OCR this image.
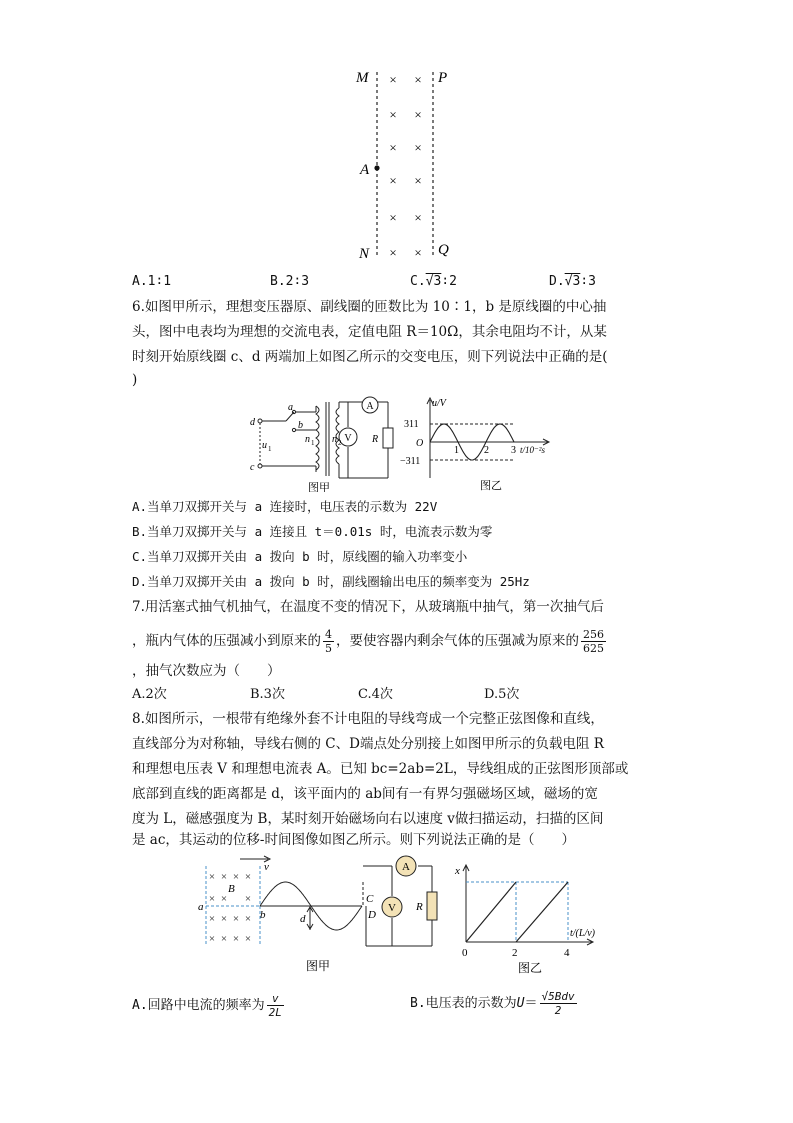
M	P
A
N	Q
× ×
× ×
× ×
× ×
× ×
× ×
A.1∶1	B.2∶3	C.√3∶2	D.√3∶3
6.如图甲所示，理想变压器原、副线圈的匝数比为 10∶1，b 是原线圈的中心抽
头，图中电表均为理想的交流电表，定值电阻 R＝10Ω，其余电阻均不计，从某
时刻开始原线圈 c、d 两端加上如图乙所示的交变电压，则下列说法中正确的是(
)
A
V
d
c
a
b
u 1
n 1 n 2	R
图甲
u/V
311
O
−311
1	2 3 t/10⁻²s
图乙
A.当单刀双掷开关与 a 连接时，电压表的示数为 22V
B.当单刀双掷开关与 a 连接且 t＝0.01s 时，电流表示数为零
C.当单刀双掷开关由 a 拨向 b 时，原线圈的输入功率变小
D.当单刀双掷开关由 a 拨向 b 时，副线圈输出电压的频率变为 25Hz
7.用活塞式抽气机抽气，在温度不变的情况下，从玻璃瓶中抽气，第一次抽气后
，瓶内气体的压强减小到原来的 $\frac{4}{5}$ ，要使容器内剩余气体的压强减为原来的 $\frac{256}{625}$
，抽气次数应为（　　）
A.2次	B.3次	C.4次	D.5次
8.如图所示，一根带有绝缘外套不计电阻的导线弯成一个完整正弦图像和直线，
直线部分为对称轴，导线右侧的 C、D端点处分别接上如图甲所示的负载电阻 R
和理想电压表 V 和理想电流表 A。已知 bc=2ab=2L，导线组成的正弦图形顶部或
底部到直线的距离都是 d，该平面内的 ab间有一有界匀强磁场区域，磁场的宽
度为 L，磁感强度为 B，某时刻开始磁场向右以速度 v做扫描运动，扫描的区间
是 ac，其运动的位移-时间图像如图乙所示。则下列说法正确的是（　　）
A
V
× × × ×
× × ×
× × × ×
× × × ×
v
B
a
b	d
C
D
R
图甲
x
0	2	4
t/(L/v)
图乙
A.回路中电流的频率为 $\frac{v}{2L}$	B.电压表的示数为$U= \frac{\text{√5Bdv}}{2}$
